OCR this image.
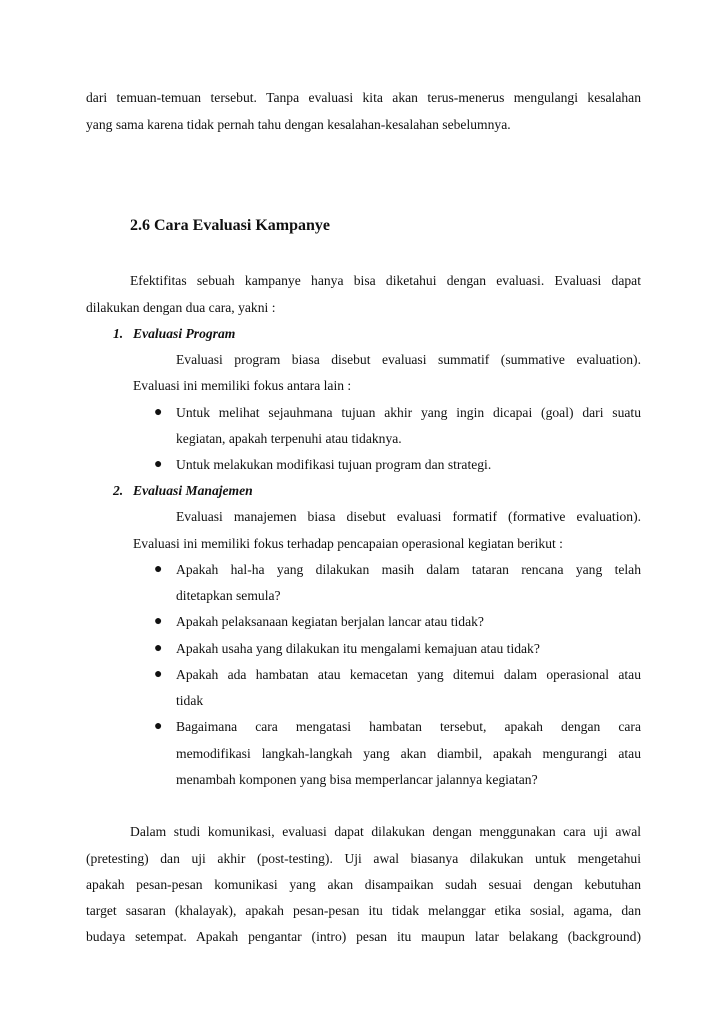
dari temuan-temuan tersebut. Tanpa evaluasi kita akan terus-menerus mengulangi kesalahan
yang sama karena tidak pernah tahu dengan kesalahan-kesalahan sebelumnya.
2.6 Cara Evaluasi Kampanye
Efektifitas sebuah kampanye hanya bisa diketahui dengan evaluasi. Evaluasi dapat
dilakukan dengan dua cara, yakni :
1. Evaluasi Program
Evaluasi program biasa disebut evaluasi summatif (summative evaluation).
Evaluasi ini memiliki fokus antara lain :
● Untuk melihat sejauhmana tujuan akhir yang ingin dicapai (goal) dari suatu
kegiatan, apakah terpenuhi atau tidaknya.
● Untuk melakukan modifikasi tujuan program dan strategi.
2. Evaluasi Manajemen
Evaluasi manajemen biasa disebut evaluasi formatif (formative evaluation).
Evaluasi ini memiliki fokus terhadap pencapaian operasional kegiatan berikut :
● Apakah hal-ha yang dilakukan masih dalam tataran rencana yang telah
ditetapkan semula?
● Apakah pelaksanaan kegiatan berjalan lancar atau tidak?
● Apakah usaha yang dilakukan itu mengalami kemajuan atau tidak?
● Apakah ada hambatan atau kemacetan yang ditemui dalam operasional atau
tidak
● Bagaimana cara mengatasi hambatan tersebut, apakah dengan cara
memodifikasi langkah-langkah yang akan diambil, apakah mengurangi atau
menambah komponen yang bisa memperlancar jalannya kegiatan?
Dalam studi komunikasi, evaluasi dapat dilakukan dengan menggunakan cara uji awal
(pretesting) dan uji akhir (post-testing). Uji awal biasanya dilakukan untuk mengetahui
apakah pesan-pesan komunikasi yang akan disampaikan sudah sesuai dengan kebutuhan
target sasaran (khalayak), apakah pesan-pesan itu tidak melanggar etika sosial, agama, dan
budaya setempat. Apakah pengantar (intro) pesan itu maupun latar belakang (background)
